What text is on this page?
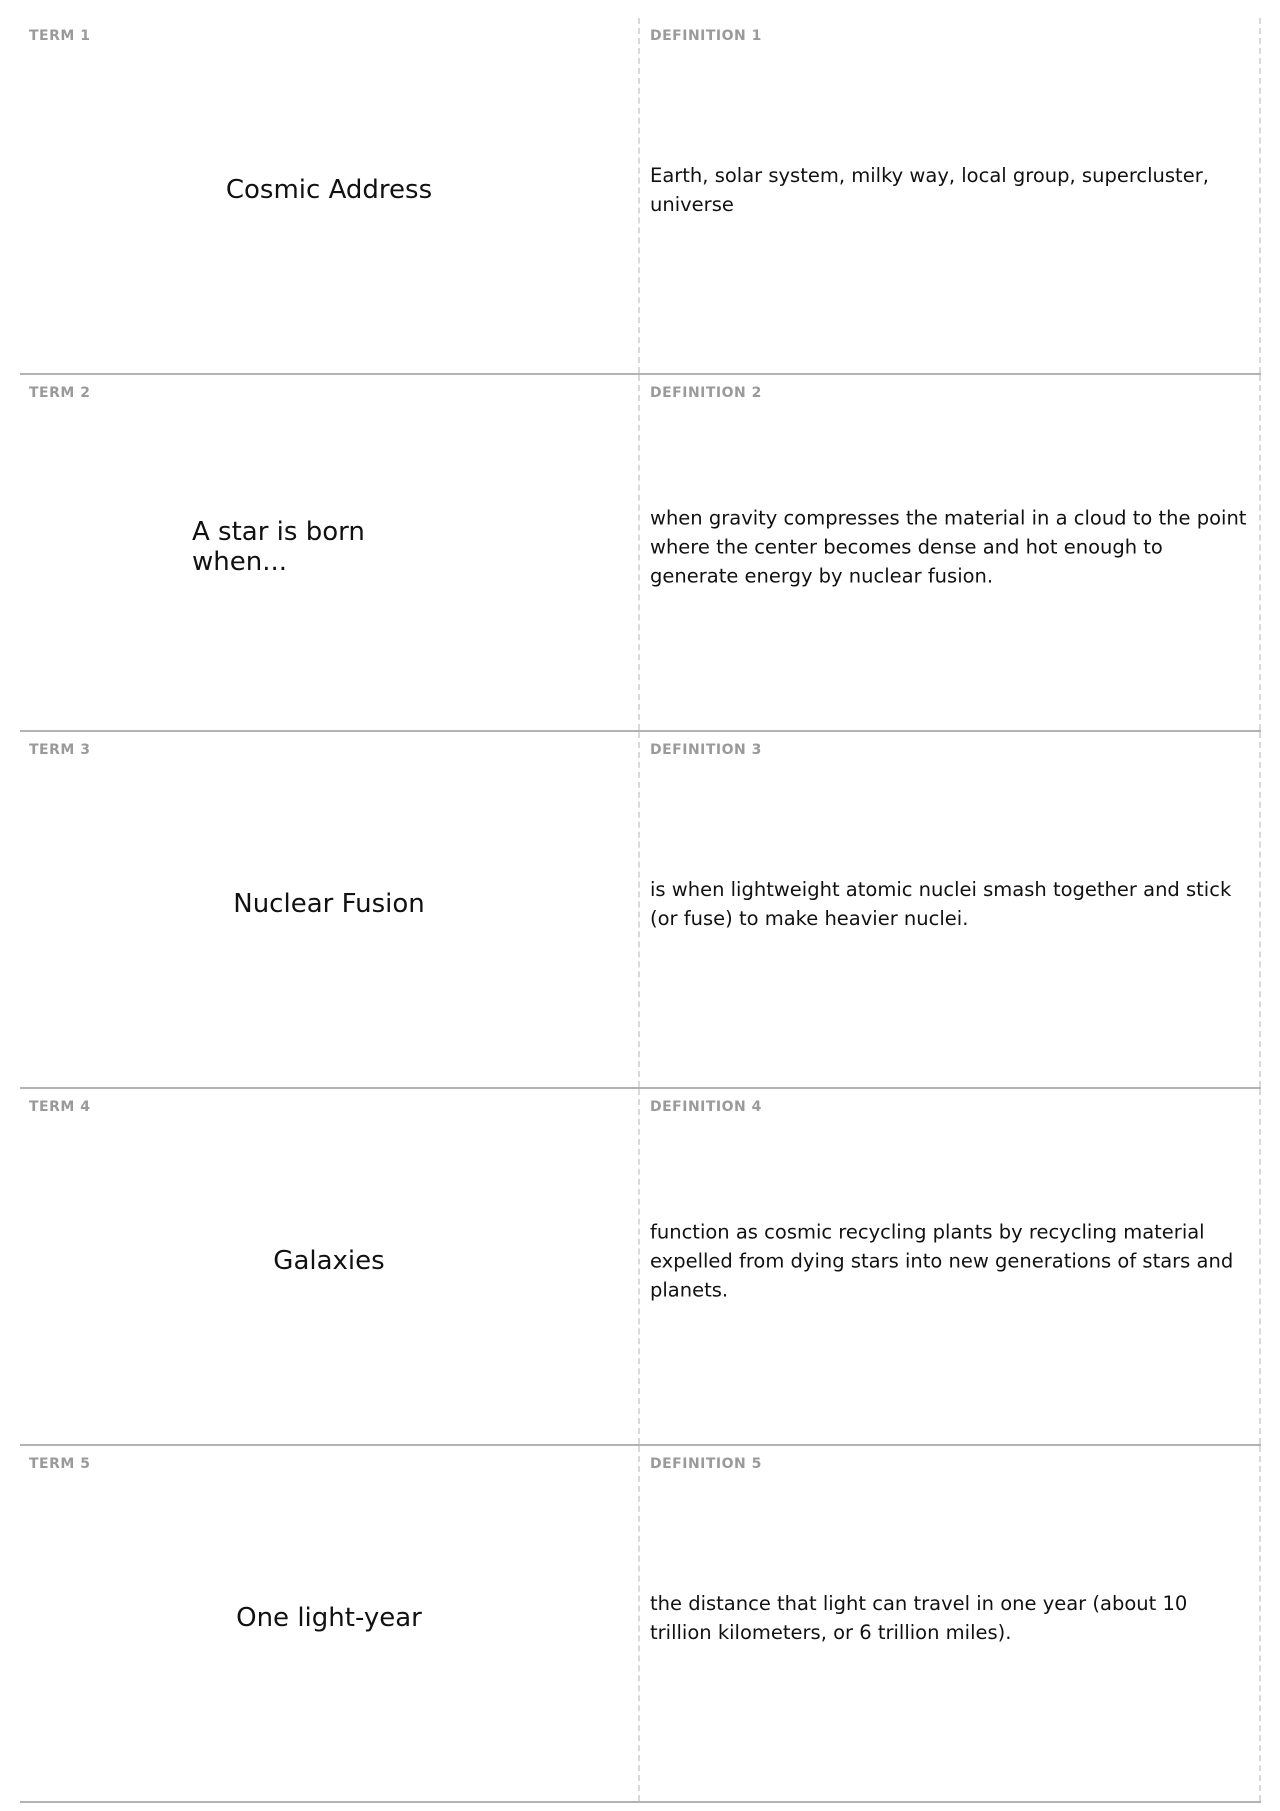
TERM 1
Cosmic Address
DEFINITION 1
Earth, solar system, milky way, local group, supercluster, universe
TERM 2
A star is born when...
DEFINITION 2
when gravity compresses the material in a cloud to the point where the center becomes dense and hot enough to generate energy by nuclear fusion.
TERM 3
Nuclear Fusion
DEFINITION 3
is when lightweight atomic nuclei smash together and stick (or fuse) to make heavier nuclei.
TERM 4
Galaxies
DEFINITION 4
function as cosmic recycling plants by recycling material expelled from dying stars into new generations of stars and planets.
TERM 5
One light-year
DEFINITION 5
the distance that light can travel in one year (about 10 trillion kilometers, or 6 trillion miles).
